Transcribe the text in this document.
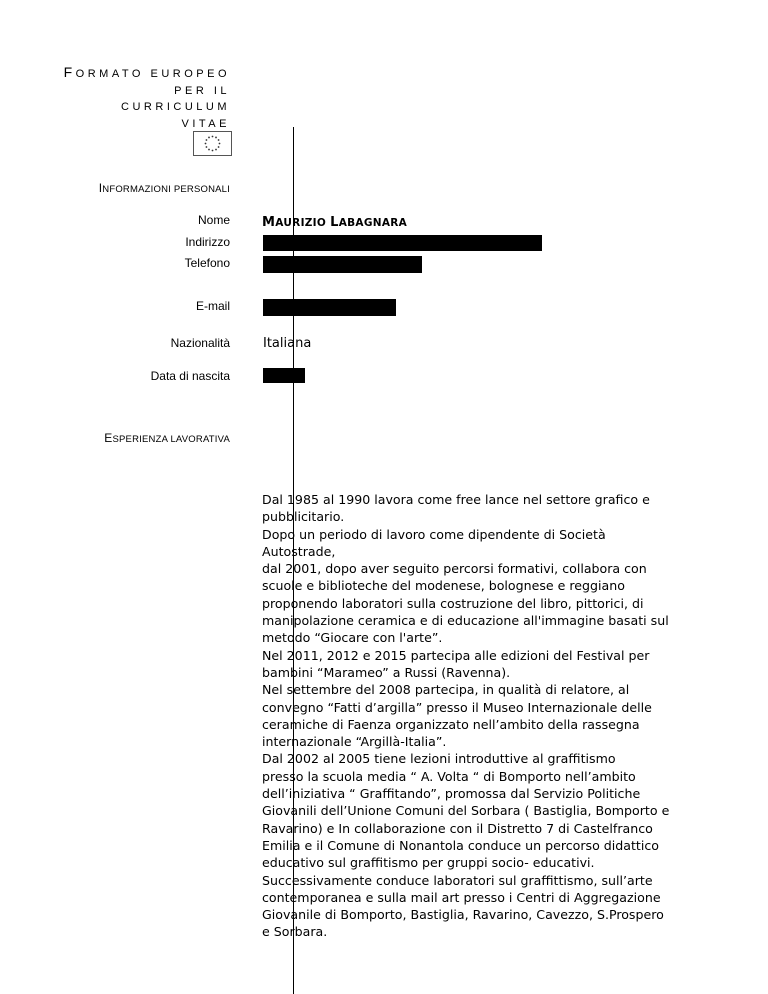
FORMATO EUROPEO
PER IL CURRICULUM
VITAE
INFORMAZIONI PERSONALI
Nome MAURIZIO LABAGNARA
Indirizzo
Telefono
E-mail
Nazionalità	Italiana
Data di nascita
ESPERIENZA LAVORATIVA
Dal 1985 al 1990 lavora come free lance nel settore grafico e
pubblicitario.
Dopo un periodo di lavoro come dipendente di Società
Autostrade,
dal 2001, dopo aver seguito percorsi formativi, collabora con
scuole e biblioteche del modenese, bolognese e reggiano
proponendo laboratori sulla costruzione del libro, pittorici, di
manipolazione ceramica e di educazione all'immagine basati sul
metodo “Giocare con l'arte”.
Nel 2011, 2012 e 2015 partecipa alle edizioni del Festival per
bambini “Marameo” a Russi (Ravenna).
Nel settembre del 2008 partecipa, in qualità di relatore, al
convegno “Fatti d’argilla” presso il Museo Internazionale delle
ceramiche di Faenza organizzato nell’ambito della rassegna
internazionale “Argillà-Italia”.
Dal 2002 al 2005 tiene lezioni introduttive al graffitismo
presso la scuola media “ A. Volta “ di Bomporto nell’ambito
dell’iniziativa “ Graffitando”, promossa dal Servizio Politiche
Giovanili dell’Unione Comuni del Sorbara ( Bastiglia, Bomporto e
Ravarino) e In collaborazione con il Distretto 7 di Castelfranco
Emilia e il Comune di Nonantola conduce un percorso didattico
educativo sul graffitismo per gruppi socio- educativi.
Successivamente conduce laboratori sul graffittismo, sull’arte
contemporanea e sulla mail art presso i Centri di Aggregazione
Giovanile di Bomporto, Bastiglia, Ravarino, Cavezzo, S.Prospero
e Sorbara.
